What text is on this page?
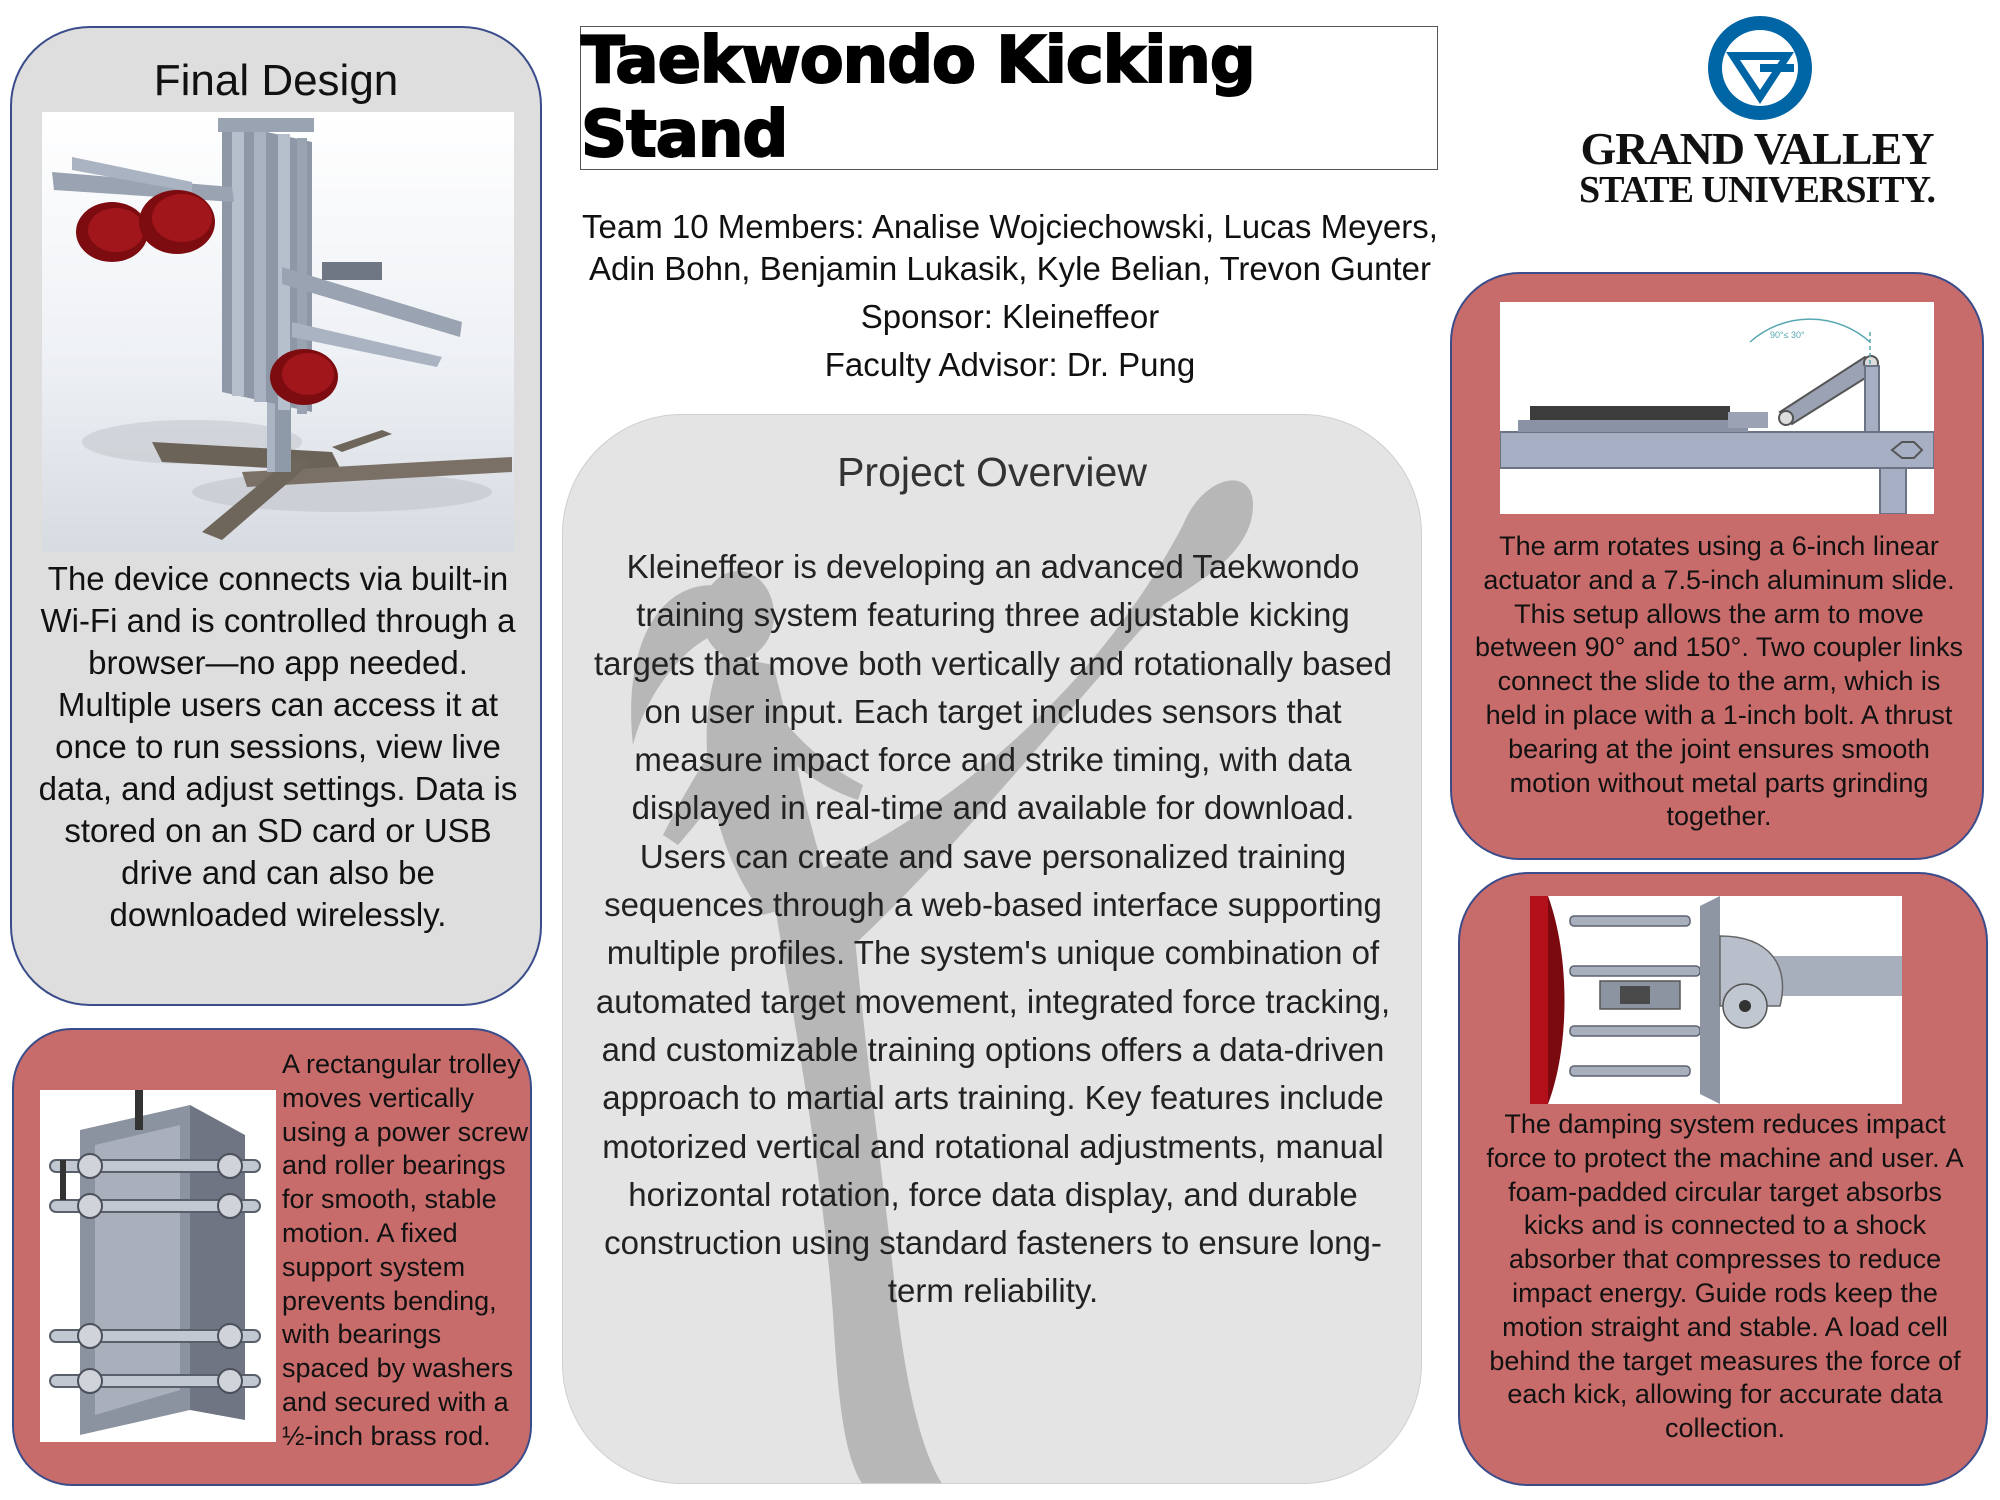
Final Design
The device connects via built-in Wi-Fi and is controlled through a browser—no app needed. Multiple users can access it at once to run sessions, view live data, and adjust settings. Data is stored on an SD card or USB drive and can also be downloaded wirelessly.
Taekwondo Kicking Stand
Team 10 Members: Analise Wojciechowski, Lucas Meyers,
Adin Bohn, Benjamin Lukasik, Kyle Belian, Trevon Gunter
Sponsor: Kleineffeor
Faculty Advisor: Dr. Pung
GRAND VALLEY
STATE UNIVERSITY.
Project Overview
Kleineffeor is developing an advanced Taekwondo training system featuring three adjustable kicking targets that move both vertically and rotationally based on user input. Each target includes sensors that measure impact force and strike timing, with data displayed in real-time and available for download. Users can create and save personalized training sequences through a web-based interface supporting multiple profiles. The system's unique combination of automated target movement, integrated force tracking, and customizable training options offers a data-driven approach to martial arts training. Key features include motorized vertical and rotational adjustments, manual horizontal rotation, force data display, and durable construction using standard fasteners to ensure long-term reliability.
A rectangular trolley moves vertically using a power screw and roller bearings for smooth, stable motion. A fixed support system prevents bending, with bearings spaced by washers and secured with a ½-inch brass rod.
90°≤ 30°
The arm rotates using a 6-inch linear actuator and a 7.5-inch aluminum slide. This setup allows the arm to move between 90° and 150°. Two coupler links connect the slide to the arm, which is held in place with a 1-inch bolt. A thrust bearing at the joint ensures smooth motion without metal parts grinding together.
The damping system reduces impact force to protect the machine and user. A foam-padded circular target absorbs kicks and is connected to a shock absorber that compresses to reduce impact energy. Guide rods keep the motion straight and stable. A load cell behind the target measures the force of each kick, allowing for accurate data collection.
